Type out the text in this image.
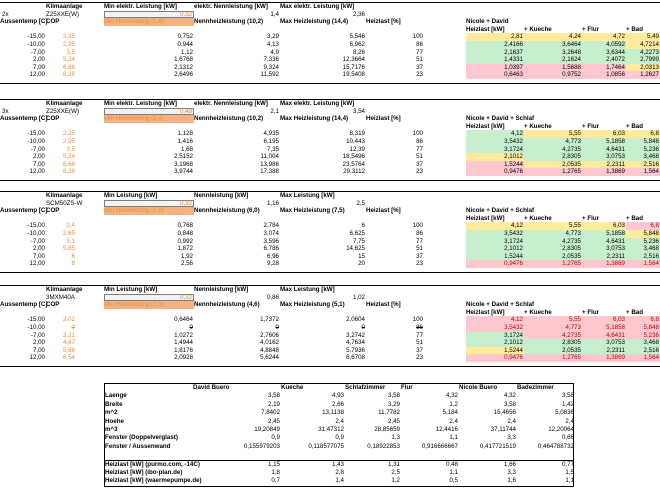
Klimaanlage	Min elektr. Leistung [kW]	elektr. Nennleistung [kW]	Max elektr. Leistung [kW]
2x	Z25XXE(W)	0,32	1,4	2,36
Aussentemp [C]
COP	Min Heizleistung (1,6)	Nennheizleistung (10,2)	Max Heizleistung (14,4)	Heizlast [%]	Nicole + David
Heizlast [kW]	+ Kueche	+ Flur	+ Bad
-15,00	2,35	0,752	3,29	5,546	100	2,81	4,24	4,72	5,49
-10,00	2,95	0,944	4,13	6,962	86	2,4166	3,6464	4,0592	4,7214
-7,00	3,5	1,12	4,9	8,26	77	2,1637	3,2648	3,6344	4,2273
2,00	5,24	1,6768	7,336	12,3664	51	1,4331	2,1624	2,4072	2,7999
7,00	6,66	2,1312	9,324	15,7176	37	1,0397	1,5688	1,7464	2,0313
12,00	8,28	2,6496	11,592	19,5408	23	0,6463	0,9752	1,0856	1,2627
Klimaanlage	Min elektr. Leistung [kW]	elektr. Nennleistung [kW]	Max elektr. Leistung [kW]
3x	Z25XXE(W)	0,48	2,1	3,54
Aussentemp [C]
COP	Min Heizleistung (2,4)	Nennheizleistung (10,2)	Max Heizleistung (14,4)	Heizlast [%]	Nicole + David + Schlaf
Heizlast [kW]	+ Kueche	+ Flur	+ Bad
-15,00	2,35	1,128	4,935	8,319	100	4,12	5,55	6,03	6,8
-10,00	2,95	1,416	6,195	10,443	86	3,5432	4,773	5,1858	5,848
-7,00	3,5	1,68	7,35	12,39	77	3,1724	4,2735	4,6431	5,236
2,00	5,24	2,5152	11,004	18,5496	51	2,1012	2,8305	3,0753	3,468
7,00	6,66	3,1968	13,986	23,5764	37	1,5244	2,0535	2,2311	2,516
12,00	8,28	3,9744	17,388	29,3112	23	0,9476	1,2765	1,3869	1,564
Klimaanlage	Min Leistung [kW]	Nennleistung [kW]	Max Leistung [kW]
SCM50ZS-W	0,32	1,16	2,5
Aussentemp [C]
COP	Min Heizleistung (1,0)	Nennheizleistung (6,0)	Max Heizleistung (7,5)	Heizlast [%]	Nicole + David + Schlaf
Heizlast [kW]	+ Kueche	+ Flur	+ Bad
-15,00	2,4	0,768	2,784	6	100	4,12	5,55	6,03	6,8
-10,00	2,65	0,848	3,074	6,625	86	3,5432	4,773	5,1858	5,848
-7,00	3,1	0,992	3,596	7,75	77	3,1724	4,2735	4,6431	5,236
2,00	5,85	1,872	6,786	14,625	51	2,1012	2,8305	3,0753	3,468
7,00	6	1,92	6,96	15	37	1,5244	2,0535	2,2311	2,516
12,00	8	2,56	9,28	20	23	0,9476	1,2765	1,3869	1,564
Klimaanlage	Min Leistung [kW]	Nennleistung [kW]	Max Leistung [kW]
3MXM40A	0,32	0,86	1,02
Aussentemp [C]
COP	Min Heizleistung (1,3)	Nennheizleistung (4,6)	Max Heizleistung (5,1)	Heizlast [%]	Nicole + David + Schlaf
Heizlast [kW]	+ Kueche	+ Flur	+ Bad
-15,00	2,02	0,6464	1,7372	2,0604	100	4,12	5,55	6,03	6,8
-10,00	0	0	0	0	86	3,5432	4,773	5,1858	5,848
-7,00	3,21	1,0272	2,7606	3,2742	77	3,1724	4,2735	4,6431	5,236
2,00	4,67	1,4944	4,0162	4,7634	51	2,1012	2,8305	3,0753	3,468
7,00	5,68	1,8176	4,8848	5,7936	37	1,5244	2,0535	2,2311	2,516
12,00	6,54	2,0928	5,6244	6,6708	23	0,9476	1,2765	1,3869	1,564
David Buero	Kueche	Schlafzimmer	Flur	Nicole Buero	Badezimmer
Laenge	3,58	4,93	3,58	4,32	4,32	3,58
Breite	2,19	2,66	3,29	1,2	3,58	1,42
m^2	7,8402	13,1138	11,7782	5,184	15,4656	5,0836
Hoehe	2,45	2,4	2,45	2,4	2,4	2,4
m^3	19,20849	31,47312	28,85659	12,4416	37,11744	12,20064
Fenster (Doppelverglast)	0,9	0,9	1,3	1,1	3,3	0,66
Fenster / Aussenwand	0,155979203	0,118577075	0,18922853	0,916666667	0,417721519	0,464788732
Heizlast [kW] (purmo.com, -14C)	1,15	1,43	1,31	0,48	1,66	0,77
Heizlast [kW] (ibo-plan.de)	1,8	2,8	2,5	1,1	3,3	1,5
Heizlast [kW] (waermepumpe.de)	0,7	1,4	1,2	0,5	1,6	1,1
